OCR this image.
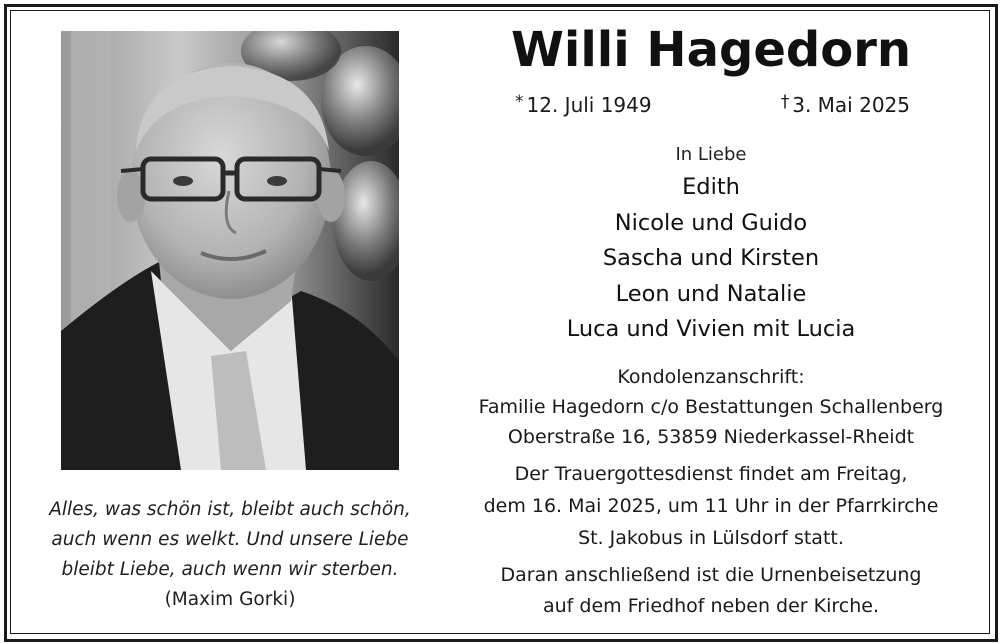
Willi Hagedorn
* 12. Juli 1949	† 3. Mai 2025
In Liebe
Edith
Nicole und Guido
Sascha und Kirsten
Leon und Natalie
Luca und Vivien mit Lucia
Kondolenzanschrift:
Familie Hagedorn c/o Bestattungen Schallenberg
Oberstraße 16, 53859 Niederkassel-Rheidt
Der Trauergottesdienst findet am Freitag,
dem 16. Mai 2025, um 11 Uhr in der Pfarrkirche
St. Jakobus in Lülsdorf statt.
Daran anschließend ist die Urnenbeisetzung
auf dem Friedhof neben der Kirche.
Alles, was schön ist, bleibt auch schön,
auch wenn es welkt. Und unsere Liebe
bleibt Liebe, auch wenn wir sterben.
(Maxim Gorki)
